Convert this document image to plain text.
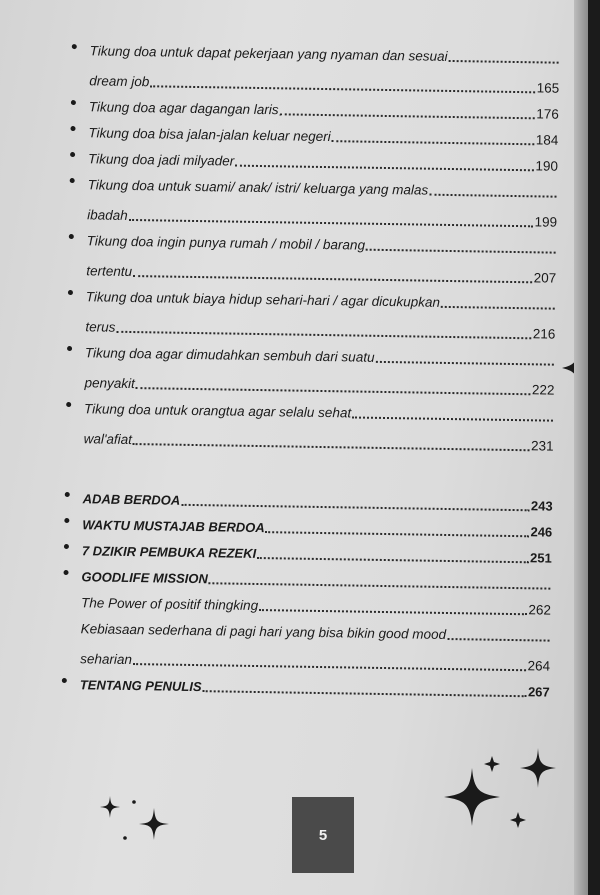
Tikung doa untuk dapat pekerjaan yang nyaman dan sesuai
dream job	165
Tikung doa agar dagangan laris	176
Tikung doa bisa jalan-jalan keluar negeri	184
Tikung doa jadi milyader	190
Tikung doa untuk suami/ anak/ istri/ keluarga yang malas
ibadah	199
Tikung doa ingin punya rumah / mobil / barang
tertentu	207
Tikung doa untuk biaya hidup sehari-hari / agar dicukupkan
terus	216
Tikung doa agar dimudahkan sembuh dari suatu
penyakit	222
Tikung doa untuk orangtua agar selalu sehat
wal'afiat	231
ADAB BERDOA	243
WAKTU MUSTAJAB BERDOA	246
7 DZIKIR PEMBUKA REZEKI	251
GOODLIFE MISSION
The Power of positif thingking	262
Kebiasaan sederhana di pagi hari yang bisa bikin good mood
seharian	264
TENTANG PENULIS	267
5
